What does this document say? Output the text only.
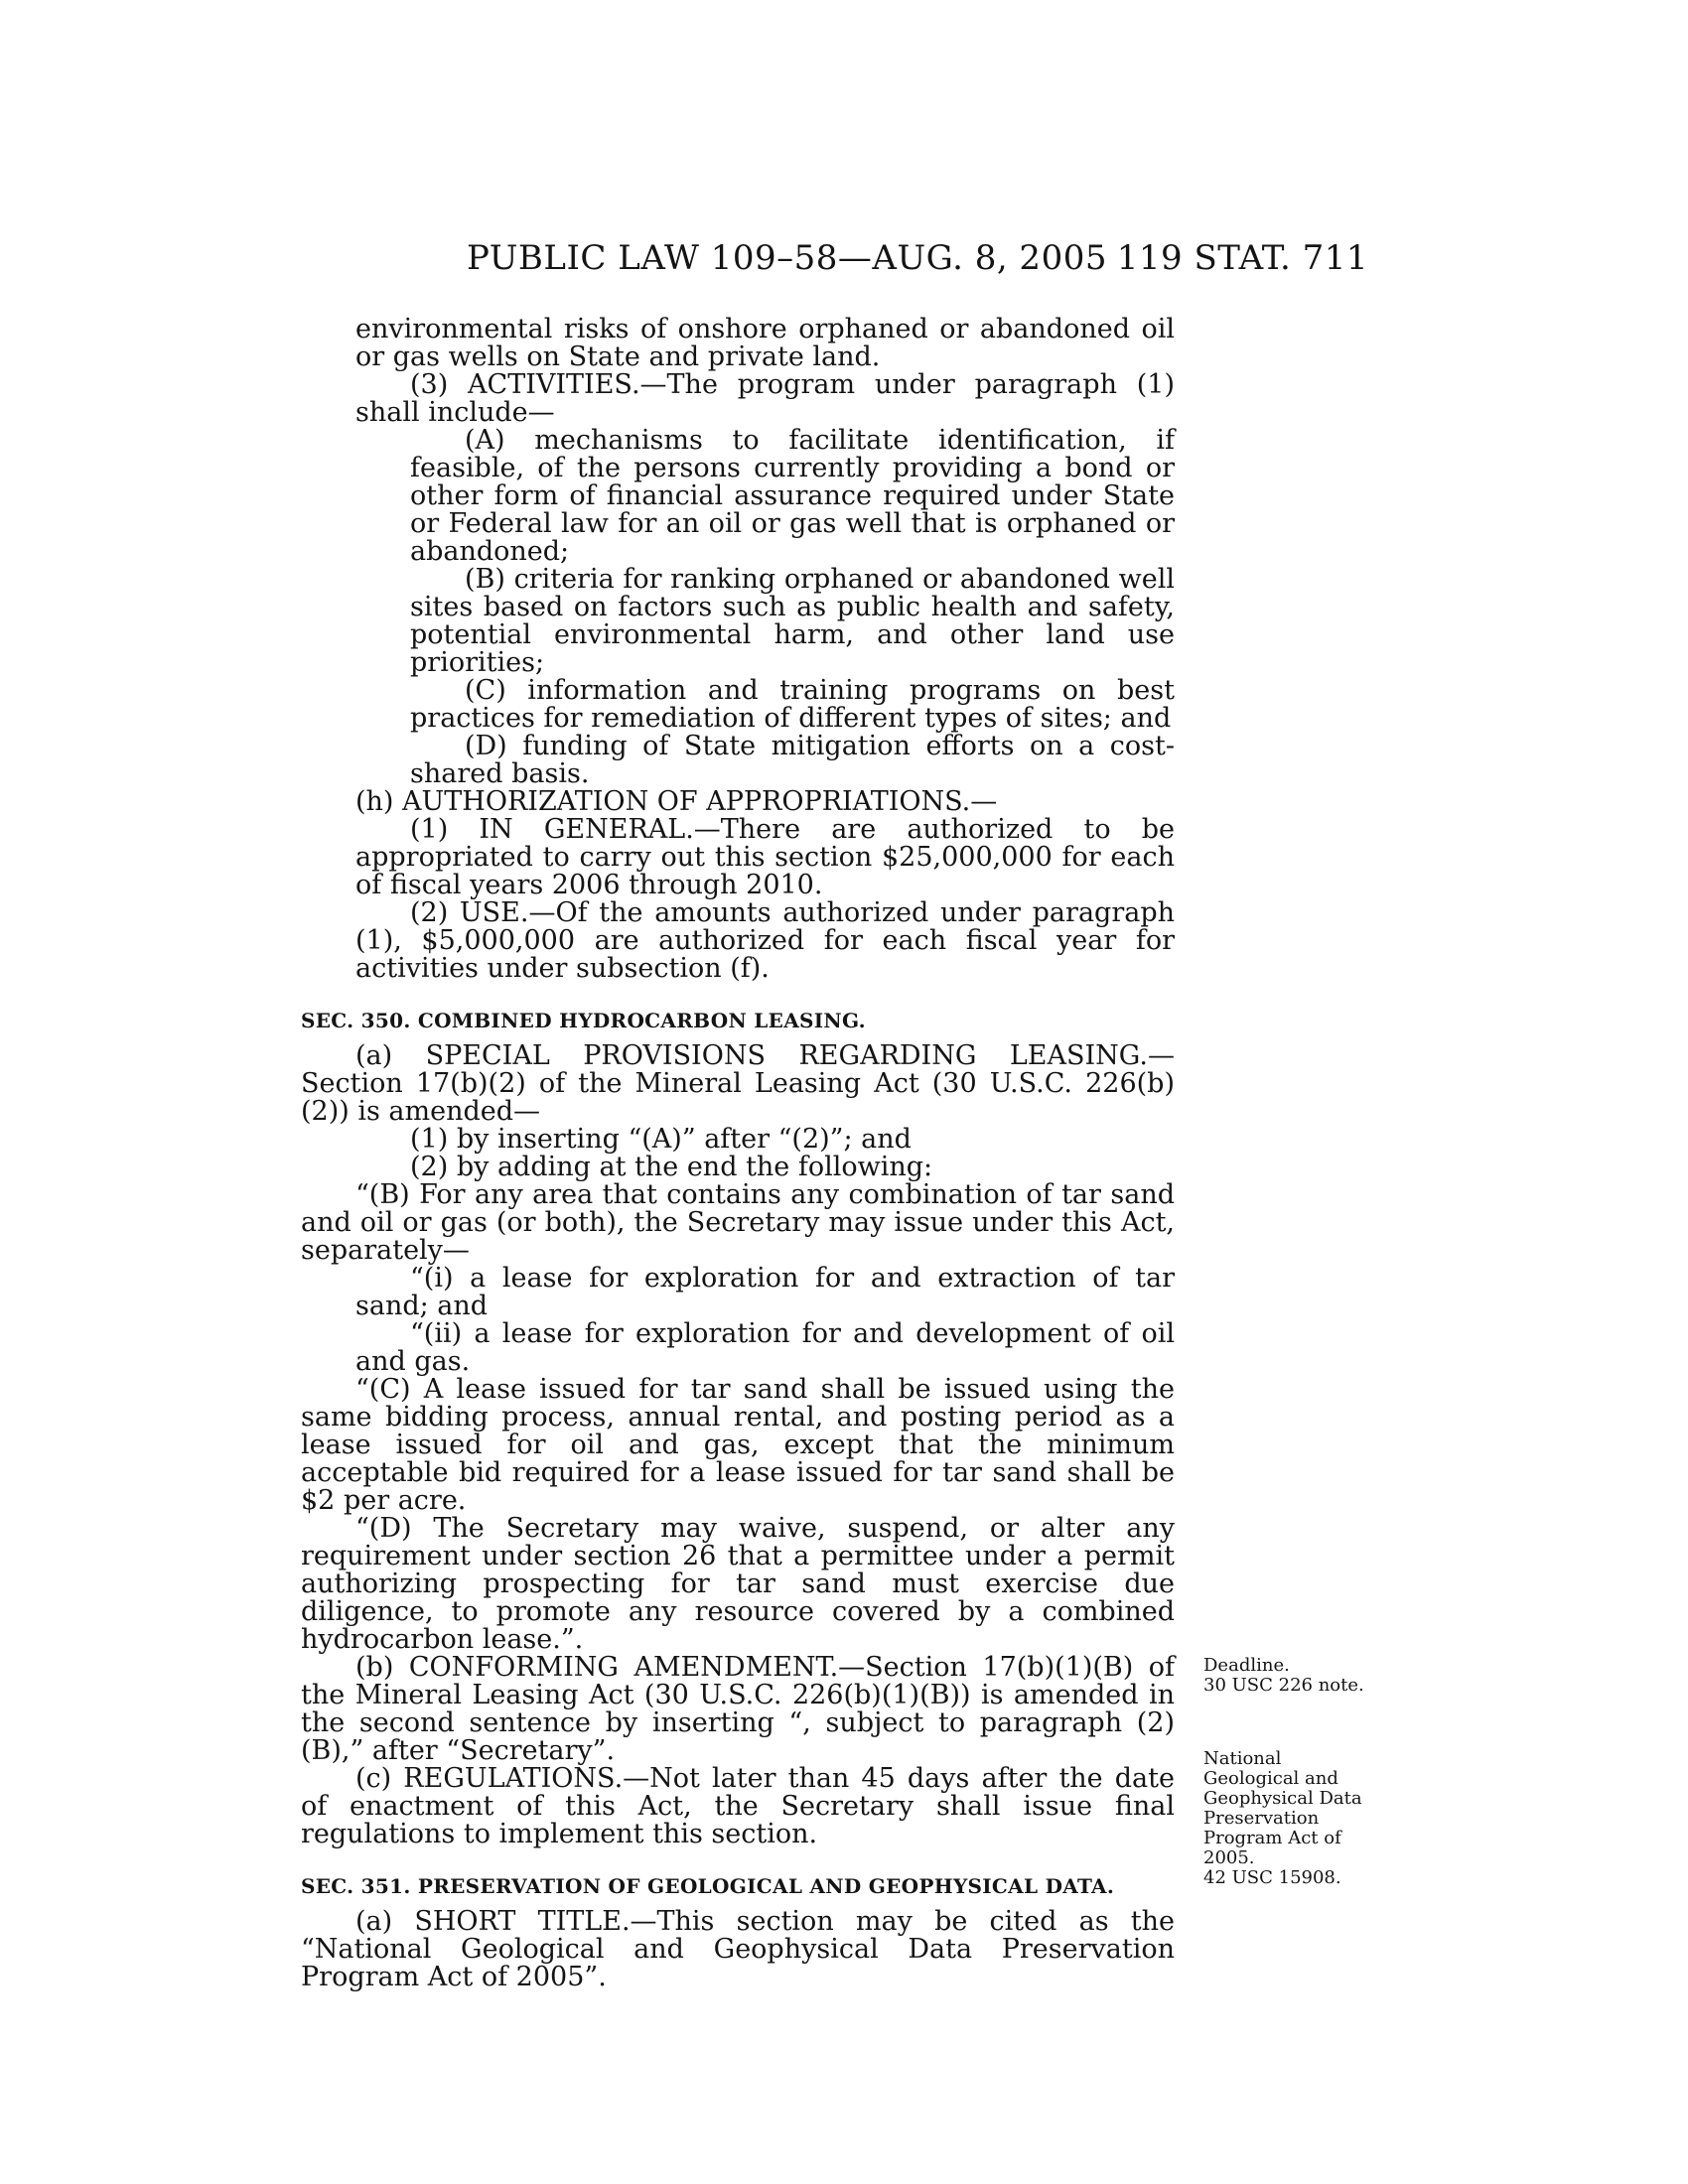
PUBLIC LAW 109–58—AUG. 8, 2005 119 STAT. 711

environmental risks of onshore orphaned or abandoned oil or gas wells on State and private land.

(3) ACTIVITIES.—The program under paragraph (1) shall include—

(A) mechanisms to facilitate identification, if feasible, of the persons currently providing a bond or other form of financial assurance required under State or Federal law for an oil or gas well that is orphaned or abandoned;

(B) criteria for ranking orphaned or abandoned well sites based on factors such as public health and safety, potential environmental harm, and other land use priorities;

(C) information and training programs on best practices for remediation of different types of sites; and

(D) funding of State mitigation efforts on a cost-shared basis.

(h) AUTHORIZATION OF APPROPRIATIONS.—

(1) IN GENERAL.—There are authorized to be appropriated to carry out this section $25,000,000 for each of fiscal years 2006 through 2010.

(2) USE.—Of the amounts authorized under paragraph (1), $5,000,000 are authorized for each fiscal year for activities under subsection (f).

SEC. 350. COMBINED HYDROCARBON LEASING.

(a) SPECIAL PROVISIONS REGARDING LEASING.—Section 17(b)(2) of the Mineral Leasing Act (30 U.S.C. 226(b)(2)) is amended—

(1) by inserting “(A)” after “(2)”; and

(2) by adding at the end the following:

“(B) For any area that contains any combination of tar sand and oil or gas (or both), the Secretary may issue under this Act, separately—

“(i) a lease for exploration for and extraction of tar sand; and

“(ii) a lease for exploration for and development of oil and gas.

“(C) A lease issued for tar sand shall be issued using the same bidding process, annual rental, and posting period as a lease issued for oil and gas, except that the minimum acceptable bid required for a lease issued for tar sand shall be $2 per acre.

“(D) The Secretary may waive, suspend, or alter any requirement under section 26 that a permittee under a permit authorizing prospecting for tar sand must exercise due diligence, to promote any resource covered by a combined hydrocarbon lease.”.

(b) CONFORMING AMENDMENT.—Section 17(b)(1)(B) of the Mineral Leasing Act (30 U.S.C. 226(b)(1)(B)) is amended in the second sentence by inserting “, subject to paragraph (2)(B),” after “Secretary”.

(c) REGULATIONS.—Not later than 45 days after the date of enactment of this Act, the Secretary shall issue final regulations to implement this section.

SEC. 351. PRESERVATION OF GEOLOGICAL AND GEOPHYSICAL DATA.

(a) SHORT TITLE.—This section may be cited as the “National Geological and Geophysical Data Preservation Program Act of 2005”.

Deadline.
30 USC 226 note.
National
Geological and
Geophysical Data
Preservation
Program Act of
2005.
42 USC 15908.
